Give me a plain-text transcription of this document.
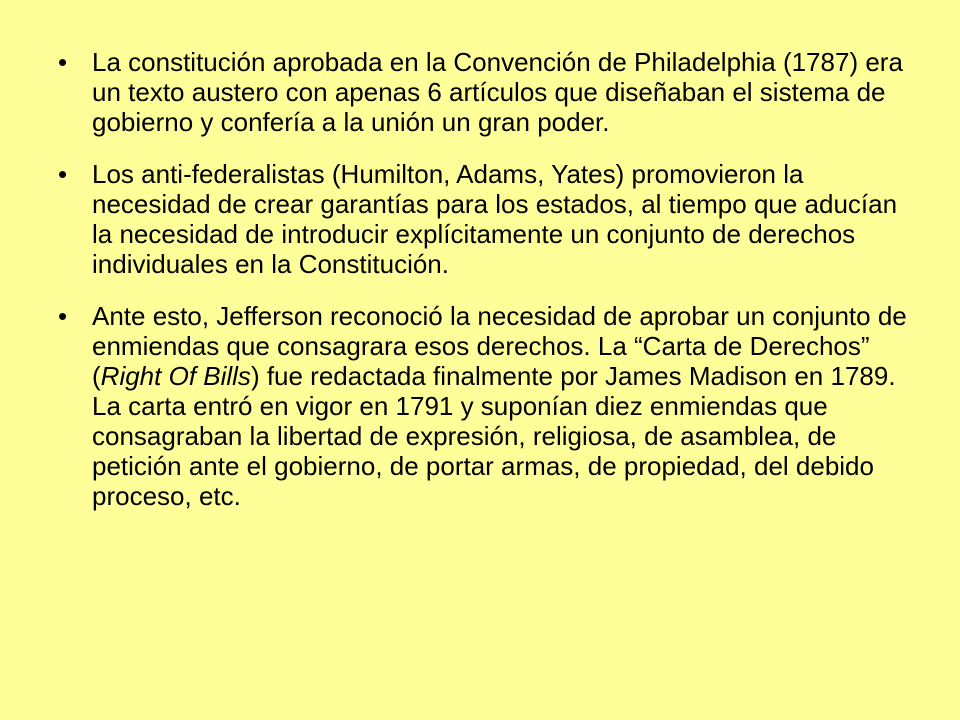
• La constitución aprobada en la Convención de Philadelphia (1787) era un texto austero con apenas 6 artículos que diseñaban el sistema de gobierno y confería a la unión un gran poder.

• Los anti-federalistas (Humilton, Adams, Yates) promovieron la necesidad de crear garantías para los estados, al tiempo que aducían la necesidad de introducir explícitamente un conjunto de derechos individuales en la Constitución.

• Ante esto, Jefferson reconoció la necesidad de aprobar un conjunto de enmiendas que consagrara esos derechos. La “Carta de Derechos” (Right Of Bills) fue redactada finalmente por James Madison en 1789. La carta entró en vigor en 1791 y suponían diez enmiendas que consagraban la libertad de expresión, religiosa, de asamblea, de petición ante el gobierno, de portar armas, de propiedad, del debido proceso, etc.
